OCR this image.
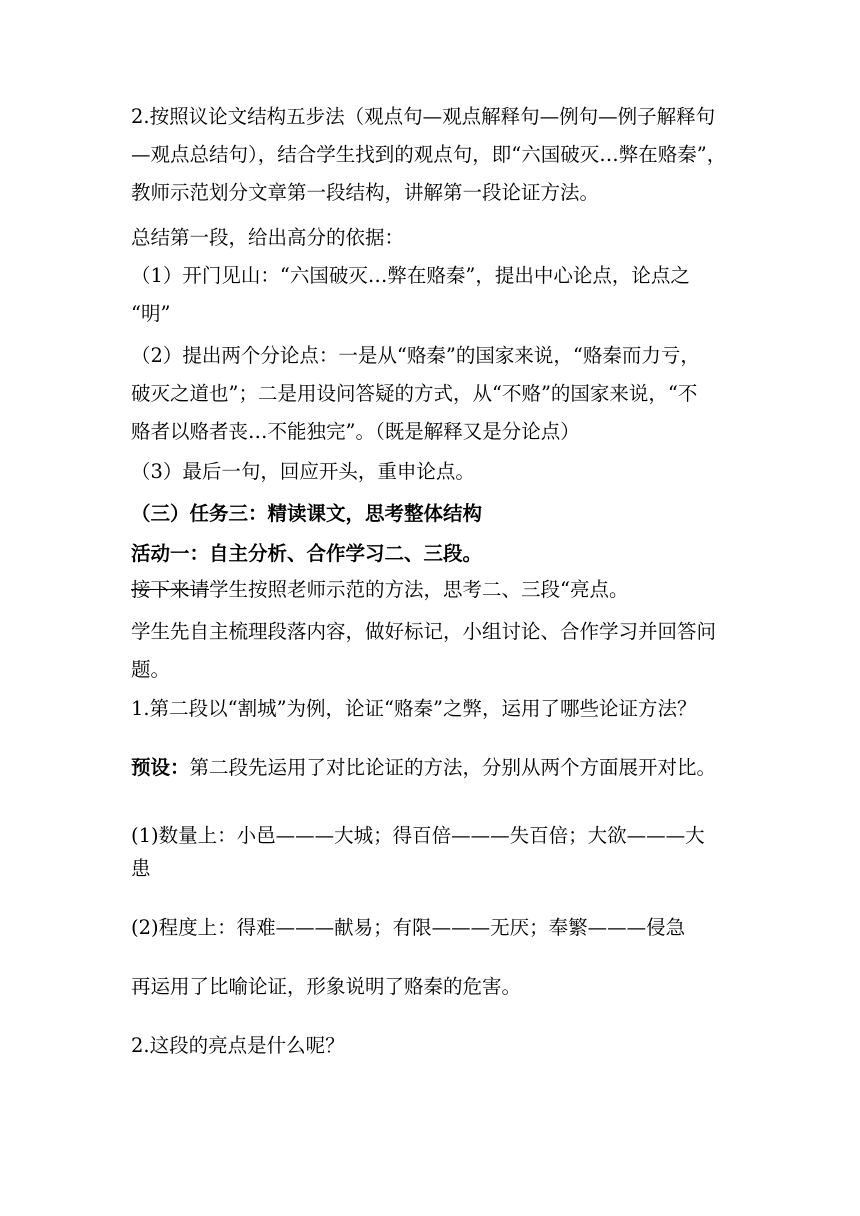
2.按照议论文结构五步法（观点句—观点解释句—例句—例子解释句
—观点总结句），结合学生找到的观点句，即“六国破灭…弊在赂秦”，
教师示范划分文章第一段结构，讲解第一段论证方法。
总结第一段，给出高分的依据：
（1）开门见山：“六国破灭…弊在赂秦”，提出中心论点，论点之
“明”
（2）提出两个分论点：一是从“赂秦”的国家来说，“赂秦而力亏，
破灭之道也”；二是用设问答疑的方式，从“不赂”的国家来说，“不
赂者以赂者丧…不能独完”。（既是解释又是分论点）
（3）最后一句，回应开头，重申论点。
（三）任务三：精读课文，思考整体结构
活动一：自主分析、合作学习二、三段。
接下来请学生按照老师示范的方法，思考二、三段“亮点。
学生先自主梳理段落内容，做好标记，小组讨论、合作学习并回答问
题。
1.第二段以“割城”为例，论证“赂秦”之弊，运用了哪些论证方法？
预设：第二段先运用了对比论证的方法，分别从两个方面展开对比。
(1)数量上：小邑———大城；得百倍———失百倍；大欲———大
患
(2)程度上：得难———献易；有限———无厌；奉繁———侵急
再运用了比喻论证，形象说明了赂秦的危害。
2.这段的亮点是什么呢？
